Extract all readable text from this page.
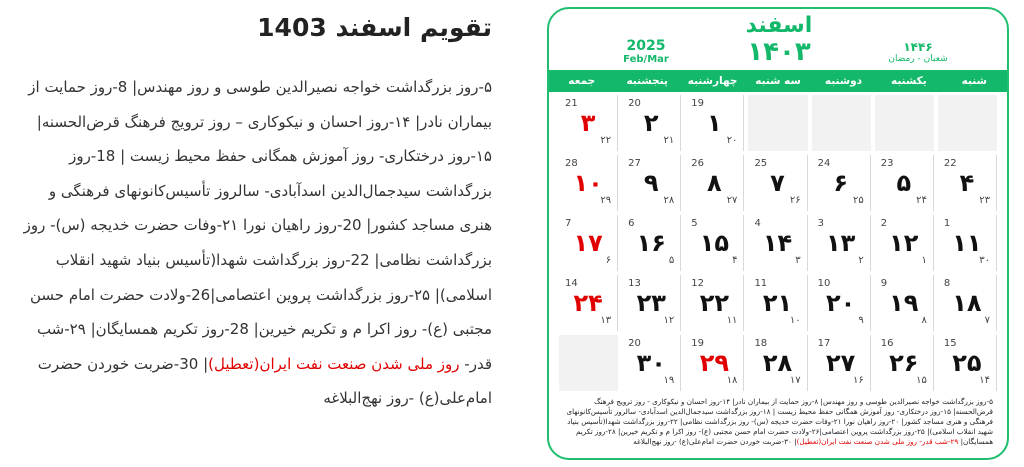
تقویم اسفند 1403
۵-روز بزرگداشت خواجه نصیرالدین طوسی و روز مهندس| 8-روز حمایت از بیماران نادر| ۱۴-روز احسان و نیکوکاری – روز ترویج فرهنگ قرض‌الحسنه| ۱۵-روز درختکاری- روز آموزش همگانی حفظ محیط زیست | 18-روز بزرگداشت سیدجمال‌الدین اسدآبادی- سالروز تأسیس‌کانونهای فرهنگی و هنری مساجد کشور| 20-روز راهیان نورا ۲۱-وفات حضرت خدیجه (س)- روز بزرگداشت نظامی| 22-روز بزرگداشت شهدا(تأسیس بنیاد شهید انقلاب اسلامی)| ۲۵-روز بزرگداشت پروین اعتصامی|26-ولادت حضرت امام حسن مجتبی (ع)- روز اکرا م و تکریم خیرین| 28-روز تکریم همسایگان| ۲۹-شب قدر- روز ملی شدن صنعت نفت ایران(تعطیل)| 30-ضربت خوردن حضرت امام‌علی(ع) -روز نهج‌البلاغه
اسفند
۱۴۰۳
2025
Feb/Mar
۱۴۴۶
شعبان - رمضان
شنبه
یکشنبه
دوشنبه
سه شنبه
چهارشنبه
پنجشنبه
جمعه
19
۱
۲۰
20
۲
۲۱
21
۳
۲۲
22
۴
۲۳
23
۵
۲۴
24
۶
۲۵
25
۷
۲۶
26
۸
۲۷
27
۹
۲۸
28
۱۰
۲۹
1
۱۱
۳۰
2
۱۲
۱
3
۱۳
۲
4
۱۴
۳
5
۱۵
۴
6
۱۶
۵
7
۱۷
۶
8
۱۸
۷
9
۱۹
۸
10
۲۰
۹
11
۲۱
۱۰
12
۲۲
۱۱
13
۲۳
۱۲
14
۲۴
۱۳
15
۲۵
۱۴
16
۲۶
۱۵
17
۲۷
۱۶
18
۲۸
۱۷
19
۲۹
۱۸
20
۳۰
۱۹
۵-روز بزرگداشت خواجه نصیرالدین طوسی و روز مهندس| ۸-روز حمایت از بیماران نادر| ۱۴-روز احسان و نیکوکاری - روز ترویج فرهنگ قرض‌الحسنه| ۱۵-روز درختکاری- روز آموزش همگانی حفظ محیط زیست | ۱۸-روز بزرگداشت سیدجمال‌الدین اسدآبادی- سالروز تأسیس‌کانونهای فرهنگی و هنری مساجد کشور| ۲۰-روز راهیان نورا ۲۱-وفات حضرت خدیجه (س)- روز بزرگداشت نظامی| ۲۲-روز بزرگداشت شهدا(تأسیس بنیاد شهید انقلاب اسلامی)| ۲۵-روز بزرگداشت پروین اعتصامی|۲۶-ولادت حضرت امام حسن مجتبی (ع)- روز اکرا م و تکریم خیرین| ۲۸-روز تکریم همسایگان| ۲۹-شب قدر- روز ملی شدن صنعت نفت ایران(تعطیل)| ۳۰-ضربت خوردن حضرت امام‌علی(ع) -روز نهج‌البلاغه
